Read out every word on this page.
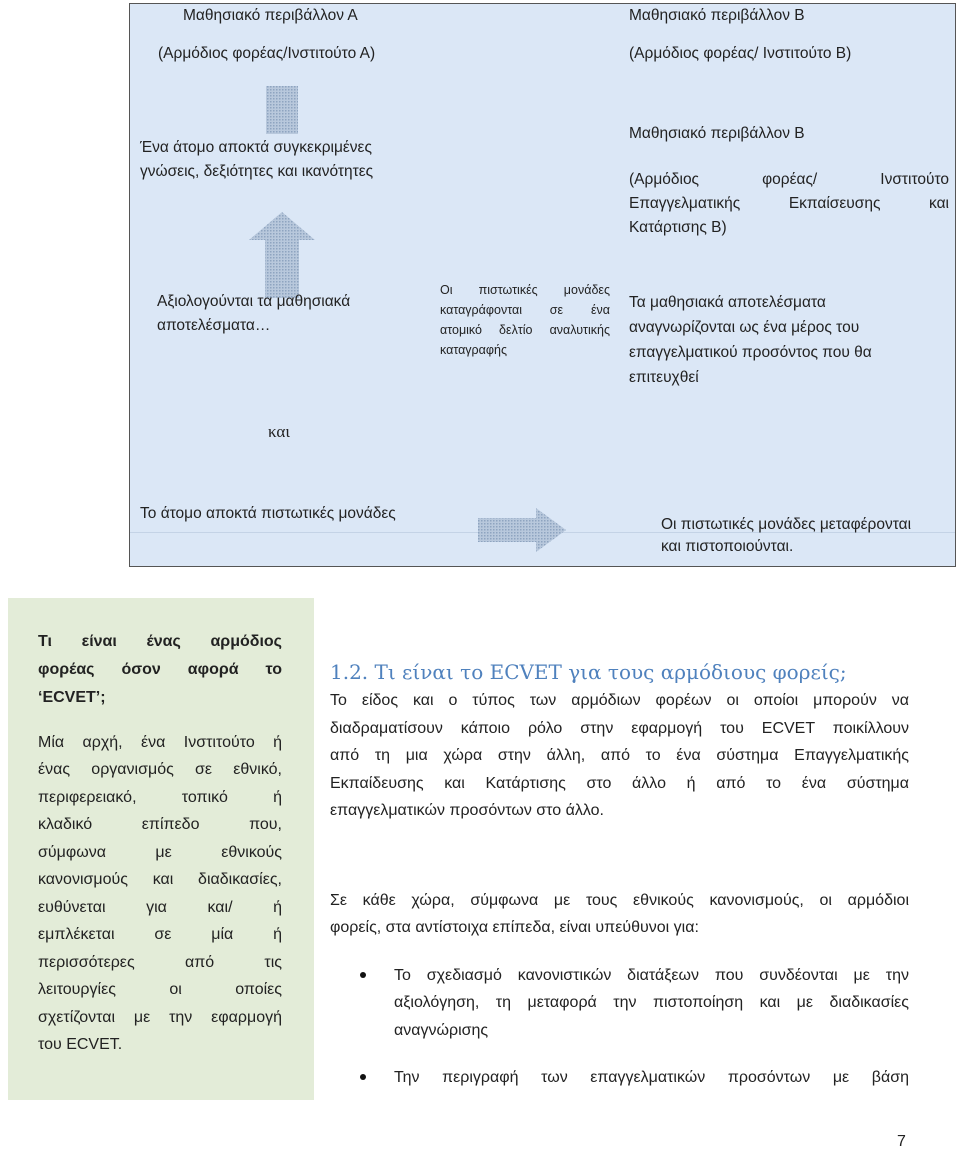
Μαθησιακό περιβάλλον Α
(Αρμόδιος φορέας/Ινστιτούτο Α)
Μαθησιακό περιβάλλον Β
(Αρμόδιος φορέας/ Ινστιτούτο Β)
Ένα άτομο αποκτά συγκεκριμένες
γνώσεις, δεξιότητες και ικανότητες
Μαθησιακό περιβάλλον Β
(Αρμόδιος φορέας/ Ινστιτούτο
Επαγγελματικής Εκπαίσευσης και
Κατάρτισης Β)
Αξιολογούνται τα μαθησιακά
αποτελέσματα…
Οι πιστωτικές μονάδες
καταγράφονται σε ένα
ατομικό δελτίο αναλυτικής
καταγραφής
Τα μαθησιακά αποτελέσματα
αναγνωρίζονται ως ένα μέρος του
επαγγελματικού προσόντος που θα
επιτευχθεί
και
Το άτομο αποκτά πιστωτικές μονάδες
Οι πιστωτικές μονάδες μεταφέρονται
και πιστοποιούνται.
Τι είναι ένας αρμόδιος
φορέας όσον αφορά το
‘ECVET’;
Μία αρχή, ένα Ινστιτούτο ή
ένας οργανισμός σε εθνικό,
περιφερειακό, τοπικό ή
κλαδικό επίπεδο που,
σύμφωνα με εθνικούς
κανονισμούς και διαδικασίες,
ευθύνεται για και/ ή
εμπλέκεται σε μία ή
περισσότερες από τις
λειτουργίες οι οποίες
σχετίζονται με την εφαρμογή
του ECVET.
1.2. Τι είναι το ECVET για τους αρμόδιους φορείς;
Το είδος και ο τύπος των αρμόδιων φορέων οι οποίοι μπορούν να
διαδραματίσουν κάποιο ρόλο στην εφαρμογή του ECVET ποικίλλουν
από τη μια χώρα στην άλλη, από το ένα σύστημα Επαγγελματικής
Εκπαίδευσης και Κατάρτισης στο άλλο ή από το ένα σύστημα
επαγγελματικών προσόντων στο άλλο.
Σε κάθε χώρα, σύμφωνα με τους εθνικούς κανονισμούς, οι αρμόδιοι
φορείς, στα αντίστοιχα επίπεδα, είναι υπεύθυνοι για:
Το σχεδιασμό κανονιστικών διατάξεων που συνδέονται με την
αξιολόγηση, τη μεταφορά την πιστοποίηση και με διαδικασίες
αναγνώρισης
Την περιγραφή των επαγγελματικών προσόντων με βάση
7
